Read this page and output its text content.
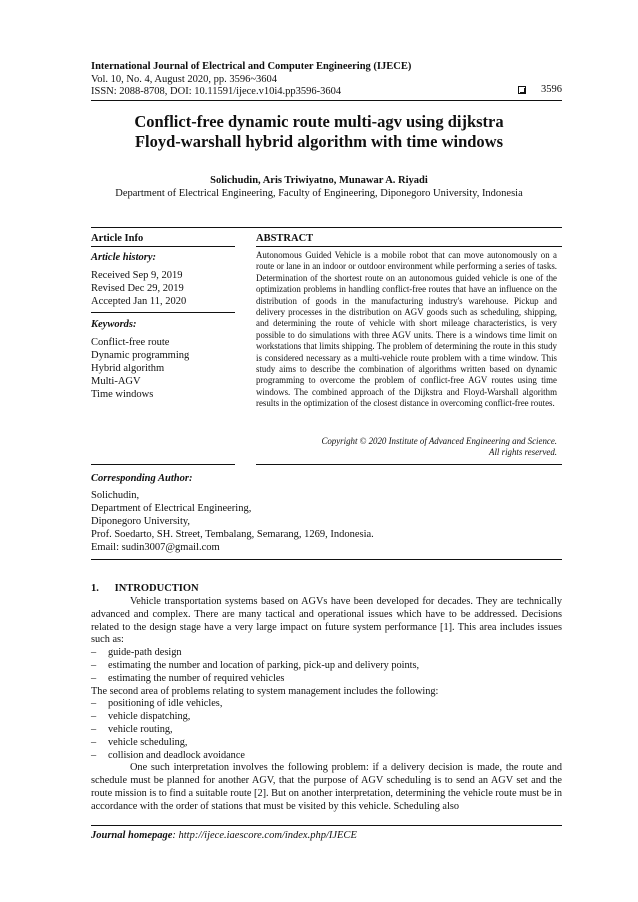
International Journal of Electrical and Computer Engineering (IJECE)
Vol. 10, No. 4, August 2020, pp. 3596~3604
ISSN: 2088-8708, DOI: 10.11591/ijece.v10i4.pp3596-3604	3596
Conflict-free dynamic route multi-agv using dijkstra
Floyd-warshall hybrid algorithm with time windows
Solichudin, Aris Triwiyatno, Munawar A. Riyadi
Department of Electrical Engineering, Faculty of Engineering, Diponegoro University, Indonesia
Article Info
Article history:
Received Sep 9, 2019
Revised Dec 29, 2019
Accepted Jan 11, 2020
Keywords:
Conflict-free route
Dynamic programming
Hybrid algorithm
Multi-AGV
Time windows
ABSTRACT
Autonomous Guided Vehicle is a mobile robot that can move autonomously on a route or lane in an indoor or outdoor environment while performing a series of tasks. Determination of the shortest route on an autonomous guided vehicle is one of the optimization problems in handling conflict-free routes that have an influence on the distribution of goods in the manufacturing industry's warehouse. Pickup and delivery processes in the distribution on AGV goods such as scheduling, shipping, and determining the route of vehicle with short mileage characteristics, is very possible to do simulations with three AGV units. There is a windows time limit on workstations that limits shipping. The problem of determining the route in this study is considered necessary as a multi-vehicle route problem with a time window. This study aims to describe the combination of algorithms written based on dynamic programming to overcome the problem of conflict-free AGV routes using time windows. The combined approach of the Dijkstra and Floyd-Warshall algorithm results in the optimization of the closest distance in overcoming conflict-free routes.
Copyright © 2020 Institute of Advanced Engineering and Science.
All rights reserved.
Corresponding Author:
Solichudin,
Department of Electrical Engineering,
Diponegoro University,
Prof. Soedarto, SH. Street, Tembalang, Semarang, 1269, Indonesia.
Email: sudin3007@gmail.com
1.      INTRODUCTION

Vehicle transportation systems based on AGVs have been developed for decades. They are technically advanced and complex. There are many tactical and operational issues which have to be addressed. Decisions related to the design stage have a very large impact on future system performance [1]. This area includes issues such as:

– guide-path design
– estimating the number and location of parking, pick-up and delivery points,
– estimating the number of required vehicles

The second area of problems relating to system management includes the following:

– positioning of idle vehicles,
– vehicle dispatching,
– vehicle routing,
– vehicle scheduling,
– collision and deadlock avoidance

One such interpretation involves the following problem: if a delivery decision is made, the route and schedule must be planned for another AGV, that the purpose of AGV scheduling is to send an AGV set and the route mission is to find a suitable route [2]. But on another interpretation, determining the vehicle route must be in accordance with the order of stations that must be visited by this vehicle. Scheduling also

Journal homepage: http://ijece.iaescore.com/index.php/IJECE
